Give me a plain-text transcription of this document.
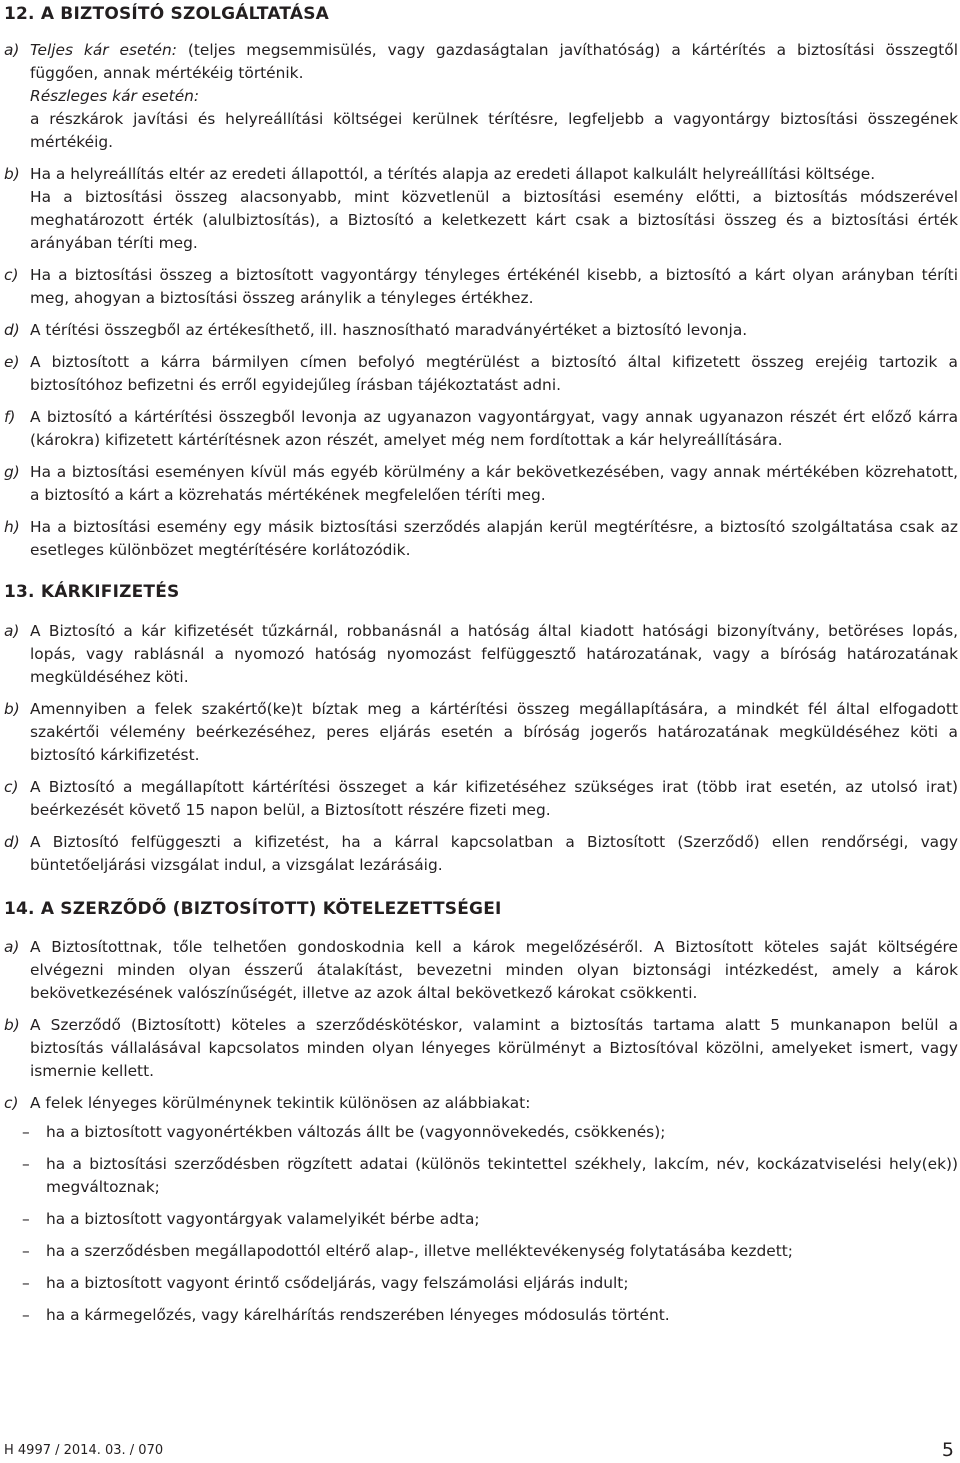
12. A BIZTOSÍTÓ SZOLGÁLTATÁSA
a) Teljes kár esetén: (teljes megsemmisülés, vagy gazdaságtalan javíthatóság) a kártérítés a biztosítási összegtől függően, annak mértékéig történik.

Részleges kár esetén:

a részkárok javítási és helyreállítási költségei kerülnek térítésre, legfeljebb a vagyontárgy biztosítási összegének mértékéig.

b) Ha a helyreállítás eltér az eredeti állapottól, a térítés alapja az eredeti állapot kalkulált helyreállítási költsége.

Ha a biztosítási összeg alacsonyabb, mint közvetlenül a biztosítási esemény előtti, a biztosítás módszerével meghatározott érték (alulbiztosítás), a Biztosító a keletkezett kárt csak a biztosítási összeg és a biztosítási érték arányában téríti meg.

c) Ha a biztosítási összeg a biztosított vagyontárgy tényleges értékénél kisebb, a biztosító a kárt olyan arányban téríti meg, ahogyan a biztosítási összeg aránylik a tényleges értékhez.

d) A térítési összegből az értékesíthető, ill. hasznosítható maradványértéket a biztosító levonja.

e) A biztosított a kárra bármilyen címen befolyó megtérülést a biztosító által kifizetett összeg erejéig tartozik a biztosítóhoz befizetni és erről egyidejűleg írásban tájékoztatást adni.

f) A biztosító a kártérítési összegből levonja az ugyanazon vagyontárgyat, vagy annak ugyanazon részét ért előző kárra (károkra) kifizetett kártérítésnek azon részét, amelyet még nem fordítottak a kár helyreállítására.

g) Ha a biztosítási eseményen kívül más egyéb körülmény a kár bekövetkezésében, vagy annak mértékében közrehatott, a biztosító a kárt a közrehatás mértékének megfelelően téríti meg.

h) Ha a biztosítási esemény egy másik biztosítási szerződés alapján kerül megtérítésre, a biztosító szolgáltatása csak az esetleges különbözet megtérítésére korlátozódik.

13. KÁRKIFIZETÉS
a) A Biztosító a kár kifizetését tűzkárnál, robbanásnál a hatóság által kiadott hatósági bizonyítvány, betöréses lopás, lopás, vagy rablásnál a nyomozó hatóság nyomozást felfüggesztő határozatának, vagy a bíróság határozatának megküldéséhez köti.

b) Amennyiben a felek szakértő(ke)t bíztak meg a kártérítési összeg megállapítására, a mindkét fél által elfogadott szakértői vélemény beérkezéséhez, peres eljárás esetén a bíróság jogerős határozatának megküldéséhez köti a biztosító kárkifizetést.

c) A Biztosító a megállapított kártérítési összeget a kár kifizetéséhez szükséges irat (több irat esetén, az utolsó irat) beérkezését követő 15 napon belül, a Biztosított részére fizeti meg.

d) A Biztosító felfüggeszti a kifizetést, ha a kárral kapcsolatban a Biztosított (Szerződő) ellen rendőrségi, vagy büntetőeljárási vizsgálat indul, a vizsgálat lezárásáig.

14. A SZERZŐDŐ (BIZTOSÍTOTT) KÖTELEZETTSÉGEI
a) A Biztosítottnak, tőle telhetően gondoskodnia kell a károk megelőzéséről. A Biztosított köteles saját költségére elvégezni minden olyan ésszerű átalakítást, bevezetni minden olyan biztonsági intézkedést, amely a károk bekövetkezésének valószínűségét, illetve az azok által bekövetkező károkat csökkenti.

b) A Szerződő (Biztosított) köteles a szerződéskötéskor, valamint a biztosítás tartama alatt 5 munkanapon belül a biztosítás vállalásával kapcsolatos minden olyan lényeges körülményt a Biztosítóval közölni, amelyeket ismert, vagy ismernie kellett.

c) A felek lényeges körülménynek tekintik különösen az alábbiakat:

– ha a biztosított vagyonértékben változás állt be (vagyonnövekedés, csökkenés);
– ha a biztosítási szerződésben rögzített adatai (különös tekintettel székhely, lakcím, név, kockázatviselési hely(ek)) megváltoznak;
– ha a biztosított vagyontárgyak valamelyikét bérbe adta;
– ha a szerződésben megállapodottól eltérő alap-, illetve melléktevékenység folytatásába kezdett;
– ha a biztosított vagyont érintő csődeljárás, vagy felszámolási eljárás indult;
– ha a kármegelőzés, vagy kárelhárítás rendszerében lényeges módosulás történt.
H 4997 / 2014. 03. / 070	5
